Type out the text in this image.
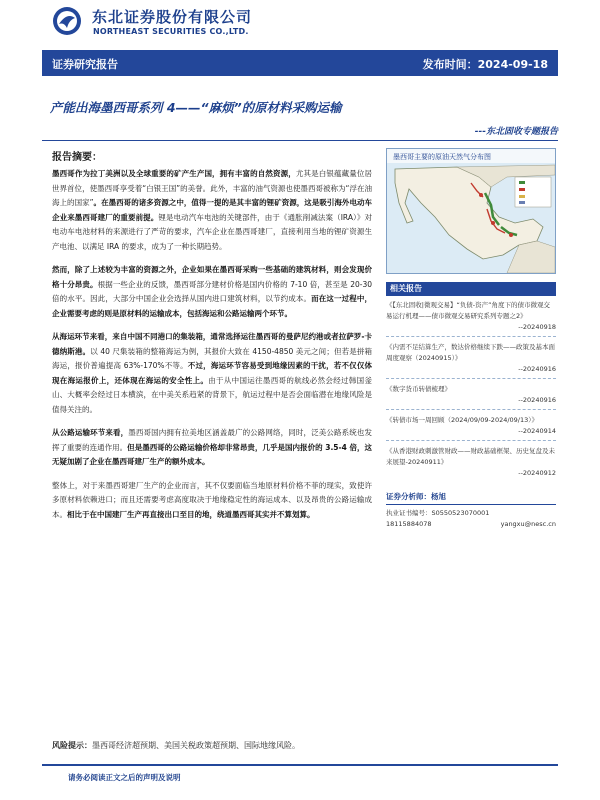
东北证券股份有限公司
NORTHEAST SECURITIES CO.,LTD.
证券研究报告	发布时间：2024-09-18
产能出海墨西哥系列 4——“麻烦”的原材料采购运输
---东北固收专题报告
报告摘要：

墨西哥作为拉丁美洲以及全球重要的矿产生产国，拥有丰富的自然资源，尤其是白银蕴藏量位居世界首位，使墨西哥享受着“白银王国”的美誉。此外，丰富的油气资源也使墨西哥被称为“浮在油海上的国家”。在墨西哥的诸多资源之中，值得一提的是其丰富的锂矿资源，这是吸引海外电动车企业来墨西哥建厂的重要前提。锂是电动汽车电池的关键部件，由于《通胀削减法案（IRA）》对电动车电池材料的来源进行了严苛的要求，汽车企业在墨西哥建厂，直接利用当地的锂矿资源生产电池、以满足 IRA 的要求，成为了一种长期趋势。

然而，除了上述较为丰富的资源之外，企业如果在墨西哥采购一些基础的建筑材料，则会发现价格十分昂贵。根据一些企业的反馈，墨西哥部分建材价格是国内价格的 7-10 倍，甚至是 20-30 倍的水平。因此，大部分中国企业会选择从国内进口建筑材料，以节约成本。而在这一过程中，企业需要考虑的则是原材料的运输成本，包括海运和公路运输两个环节。

从海运环节来看，来自中国不同港口的集装箱，通常选择运往墨西哥的曼萨尼约港或者拉萨罗-卡德纳斯港。以 40 尺集装箱的整箱海运为例，其报价大致在 4150-4850 美元之间；但若是拼箱海运，报价普遍提高 63%-170%不等。不过，海运环节容易受到地缘因素的干扰，若不仅仅体现在海运报价上，还体现在海运的安全性上。由于从中国运往墨西哥的航线必然会经过韩国釜山、大概率会经过日本横滨，在中美关系趋紧的背景下，航运过程中是否会面临潜在地缘风险是值得关注的。

从公路运输环节来看，墨西哥国内拥有拉美地区涵盖最广的公路网络，同时，泛美公路系统也发挥了重要的连通作用。但是墨西哥的公路运输价格却非常昂贵，几乎是国内报价的 3.5-4 倍，这无疑加剧了企业在墨西哥建厂生产的额外成本。

整体上，对于来墨西哥建厂生产的企业而言，其不仅要面临当地原材料价格不菲的现实，致使许多原材料依赖进口；而且还需要考虑高度取决于地缘稳定性的海运成本、以及昂贵的公路运输成本。相比于在中国建厂生产再直接出口至目的地，绕道墨西哥其实并不算划算。

墨西哥主要的原油天然气分布图
相关报告
《【东北固收|微观交易】“负债-资产”角度下的债市微观交易运行机理——债市微观交易研究系列专题之2》
--20240918
《内需不足结算生产，数达价格继续下跌——政策及基本面周度观察（20240915）》
--20240916
《数字货币转债梳理》
--20240916
《转债市场一周回顾（2024/09/09-2024/09/13）》
--20240914
《从香港财政刺激管财政——财政基础框架、历史复盘及未来展望-20240911》
--20240912
证券分析师：杨旭
执业证书编号：S0550523070001
18115884078	yangxu@nesc.cn
风险提示：墨西哥经济超预期、美国关税政策超预期、国际地缘风险。
请务必阅读正文之后的声明及说明
